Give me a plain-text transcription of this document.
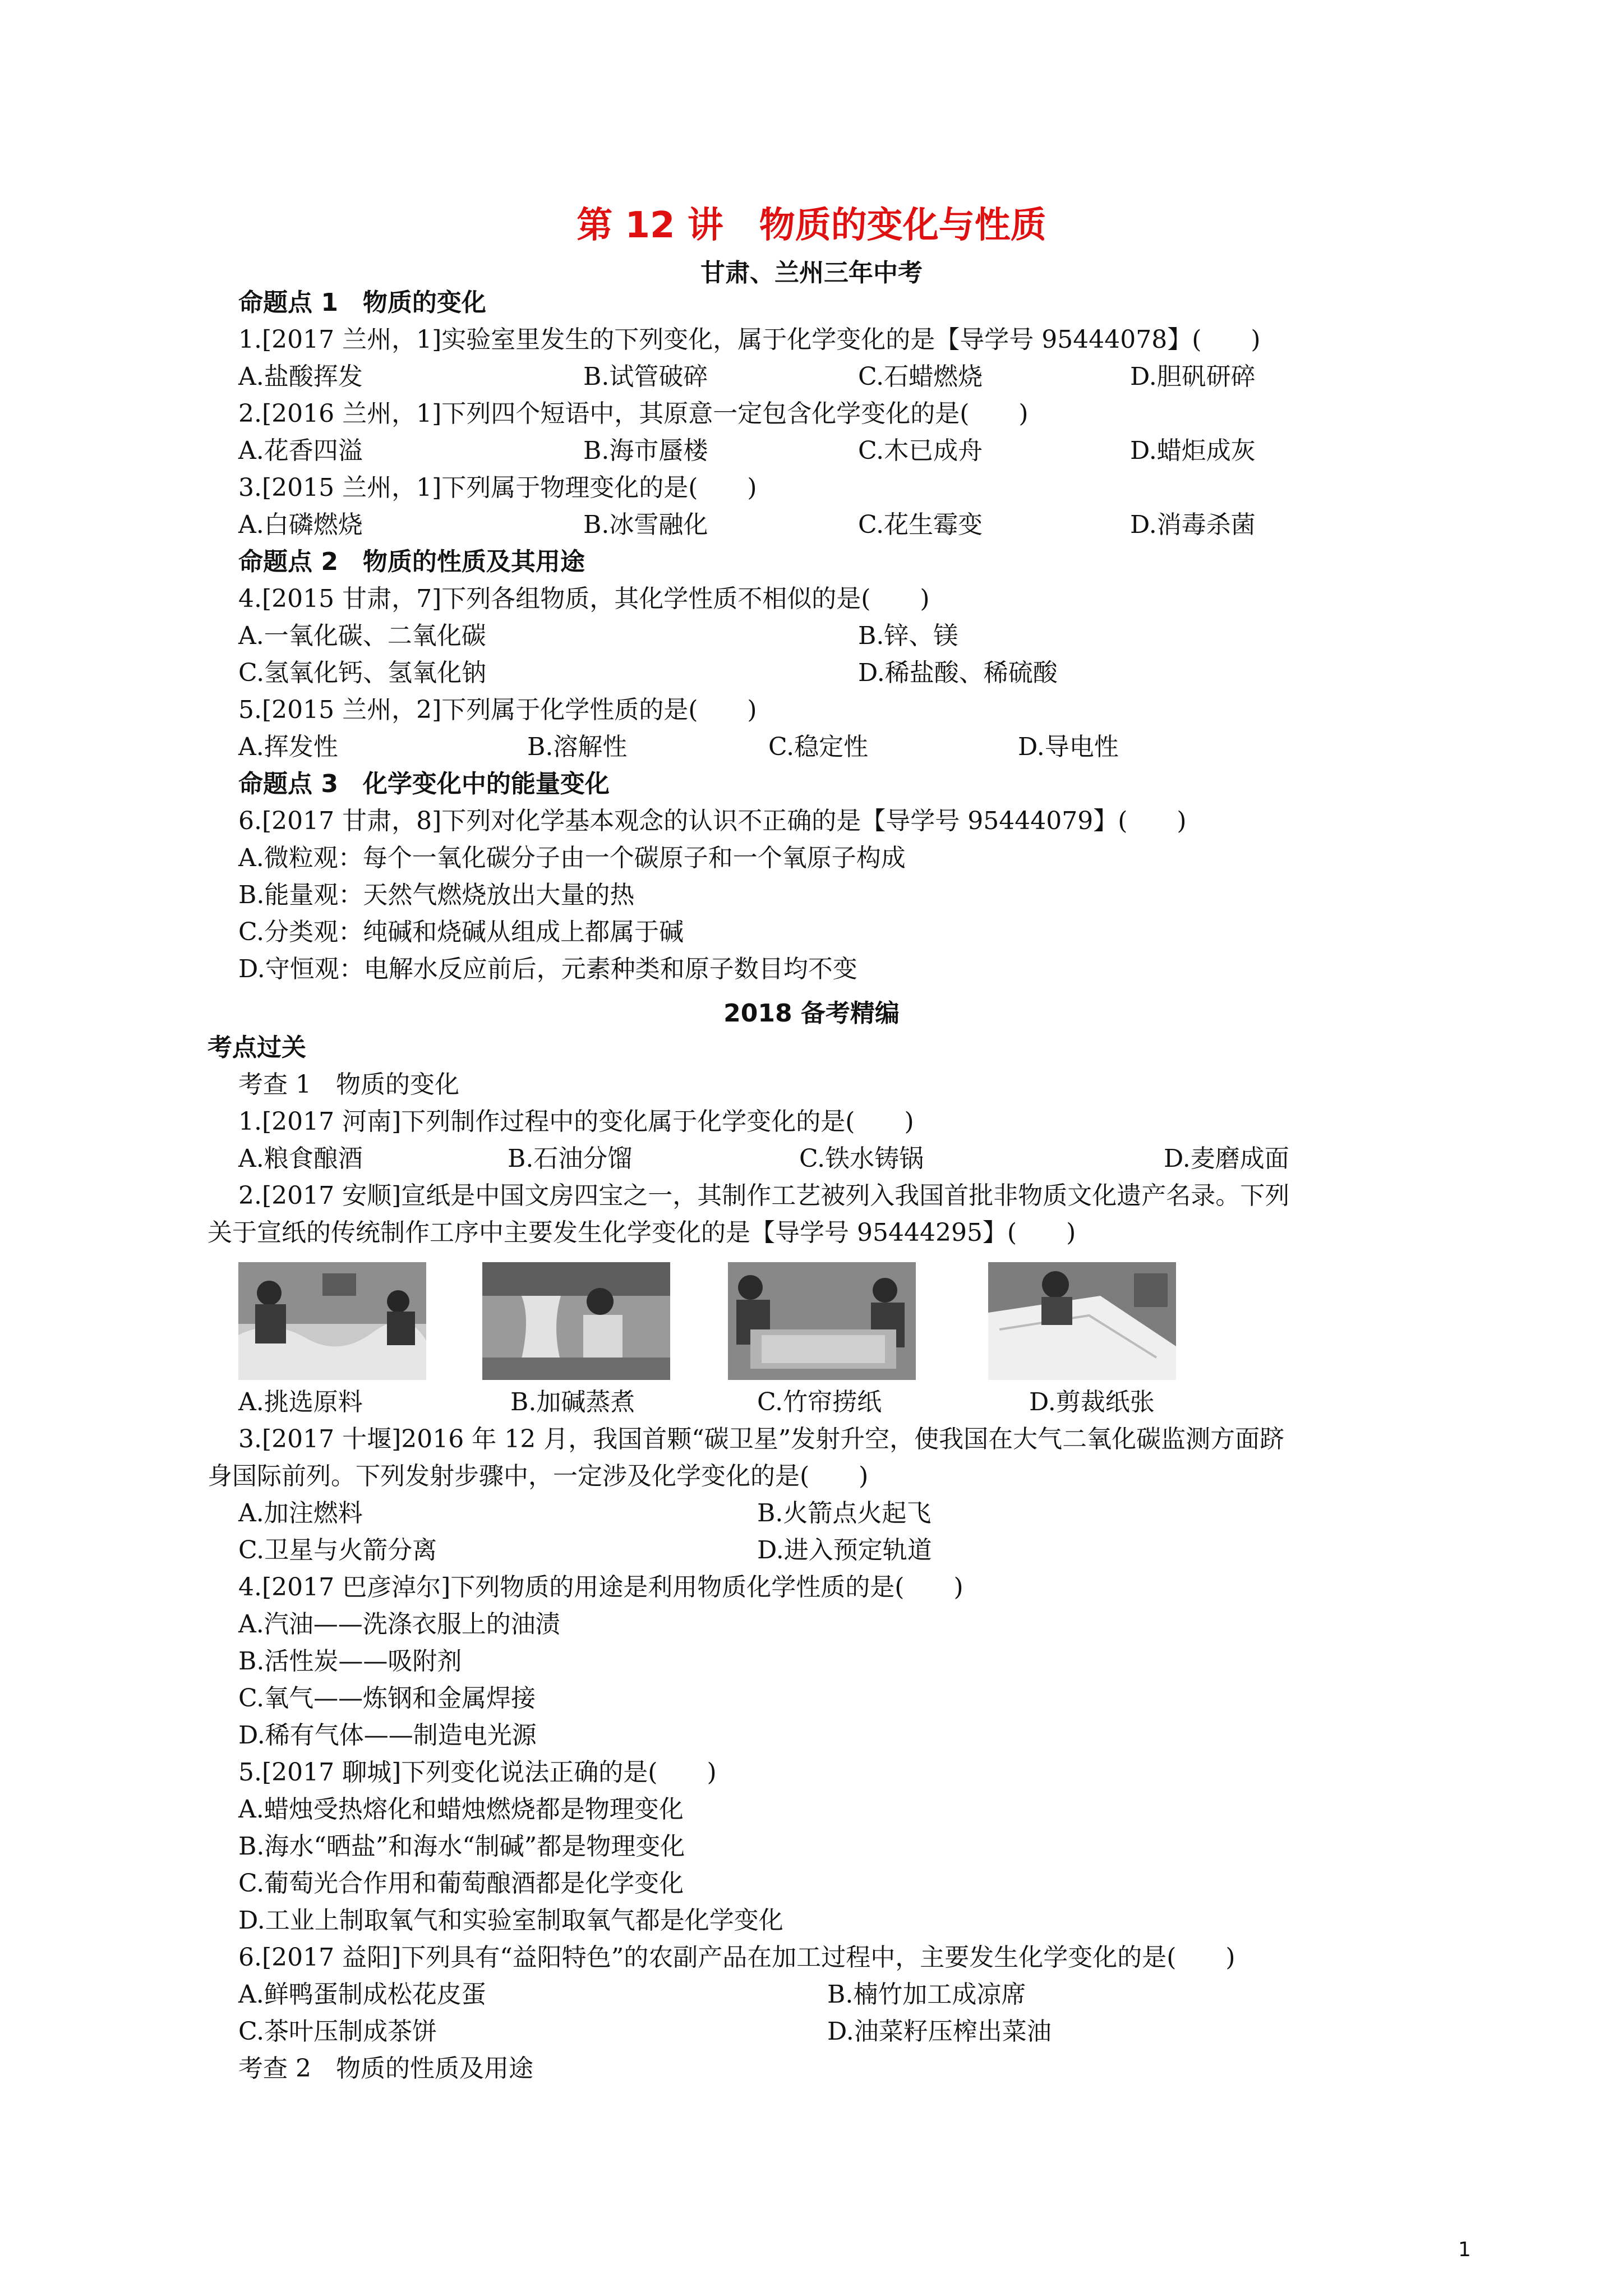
第 12 讲　物质的变化与性质
甘肃、兰州三年中考
命题点 1　物质的变化
1.[2017 兰州，1]实验室里发生的下列变化，属于化学变化的是【导学号 95444078】(　　)
A.盐酸挥发	B.试管破碎	C.石蜡燃烧	D.胆矾研碎
2.[2016 兰州，1]下列四个短语中，其原意一定包含化学变化的是(　　)
A.花香四溢	B.海市蜃楼	C.木已成舟	D.蜡炬成灰
3.[2015 兰州，1]下列属于物理变化的是(　　)
A.白磷燃烧	B.冰雪融化	C.花生霉变	D.消毒杀菌
命题点 2　物质的性质及其用途
4.[2015 甘肃，7]下列各组物质，其化学性质不相似的是(　　)
A.一氧化碳、二氧化碳	B.锌、镁
C.氢氧化钙、氢氧化钠	D.稀盐酸、稀硫酸
5.[2015 兰州，2]下列属于化学性质的是(　　)
A.挥发性	B.溶解性	C.稳定性	D.导电性
命题点 3　化学变化中的能量变化
6.[2017 甘肃，8]下列对化学基本观念的认识不正确的是【导学号 95444079】(　　)
A.微粒观：每个一氧化碳分子由一个碳原子和一个氧原子构成
B.能量观：天然气燃烧放出大量的热
C.分类观：纯碱和烧碱从组成上都属于碱
D.守恒观：电解水反应前后，元素种类和原子数目均不变
2018 备考精编
考点过关
考查 1　物质的变化
1.[2017 河南]下列制作过程中的变化属于化学变化的是(　　)
A.粮食酿酒	B.石油分馏	C.铁水铸锅	D.麦磨成面
2.[2017 安顺]宣纸是中国文房四宝之一，其制作工艺被列入我国首批非物质文化遗产名录。下列
关于宣纸的传统制作工序中主要发生化学变化的是【导学号 95444295】(　　)
A.挑选原料	B.加碱蒸煮	C.竹帘捞纸	D.剪裁纸张
3.[2017 十堰]2016 年 12 月，我国首颗“碳卫星”发射升空，使我国在大气二氧化碳监测方面跻
身国际前列。下列发射步骤中，一定涉及化学变化的是(　　)
A.加注燃料	B.火箭点火起飞
C.卫星与火箭分离	D.进入预定轨道
4.[2017 巴彦淖尔]下列物质的用途是利用物质化学性质的是(　　)
A.汽油——洗涤衣服上的油渍
B.活性炭——吸附剂
C.氧气——炼钢和金属焊接
D.稀有气体——制造电光源
5.[2017 聊城]下列变化说法正确的是(　　)
A.蜡烛受热熔化和蜡烛燃烧都是物理变化
B.海水“晒盐”和海水“制碱”都是物理变化
C.葡萄光合作用和葡萄酿酒都是化学变化
D.工业上制取氧气和实验室制取氧气都是化学变化
6.[2017 益阳]下列具有“益阳特色”的农副产品在加工过程中，主要发生化学变化的是(　　)
A.鲜鸭蛋制成松花皮蛋	B.楠竹加工成凉席
C.茶叶压制成茶饼	D.油菜籽压榨出菜油
考查 2　物质的性质及用途
1
